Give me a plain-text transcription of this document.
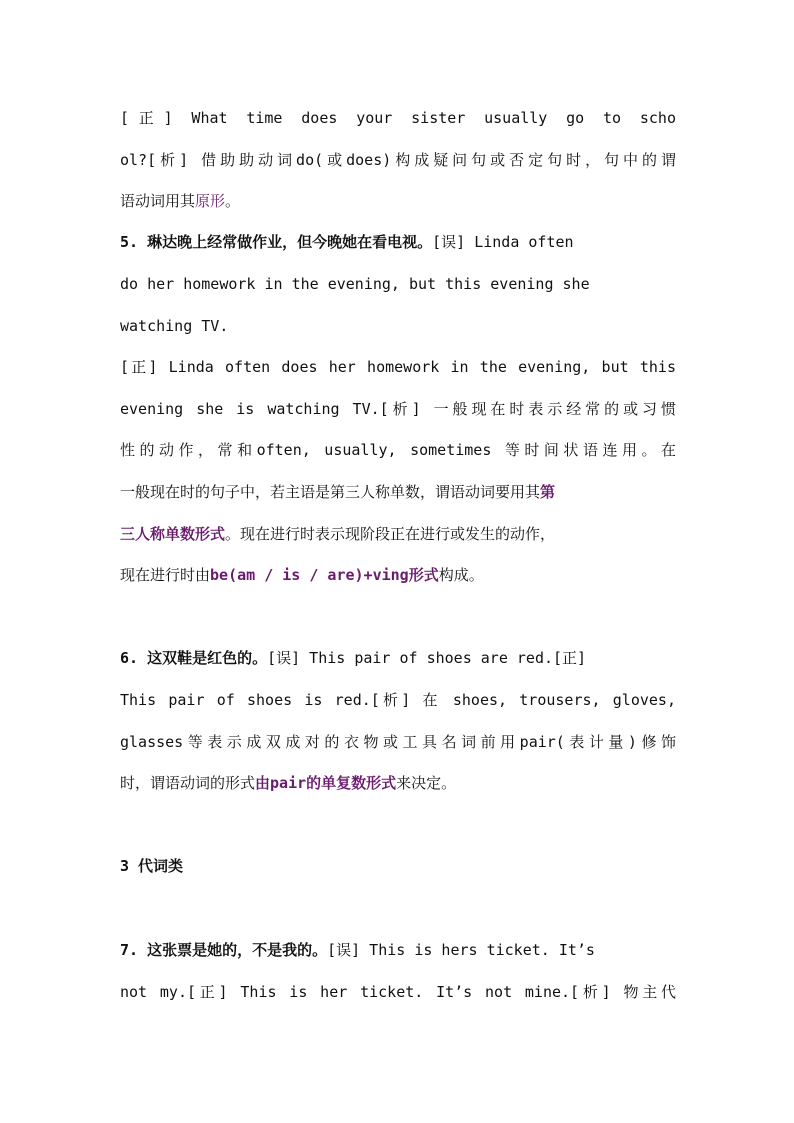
[正] What time does your sister usually go to scho
ol?[析] 借助助动词do(或does)构成疑问句或否定句时，句中的谓
语动词用其原形。
5. 琳达晚上经常做作业，但今晚她在看电视。[误] Linda often
do her homework in the evening, but this evening she
watching TV.
[正] Linda often does her homework in the evening, but this
evening she is watching TV.[析] 一般现在时表示经常的或习惯
性的动作，常和often, usually, sometimes 等时间状语连用。在
一般现在时的句子中，若主语是第三人称单数，谓语动词要用其第
三人称单数形式。现在进行时表示现阶段正在进行或发生的动作，
现在进行时由be(am / is / are)+ving形式构成。
6. 这双鞋是红色的。[误] This pair of shoes are red.[正]
This pair of shoes is red.[析] 在 shoes, trousers, gloves,
glasses等表示成双成对的衣物或工具名词前用pair(表计量)修饰
时，谓语动词的形式由pair的单复数形式来决定。
3 代词类
7. 这张票是她的，不是我的。[误] This is hers ticket. It’s
not my.[正] This is her ticket. It’s not mine.[析] 物主代
